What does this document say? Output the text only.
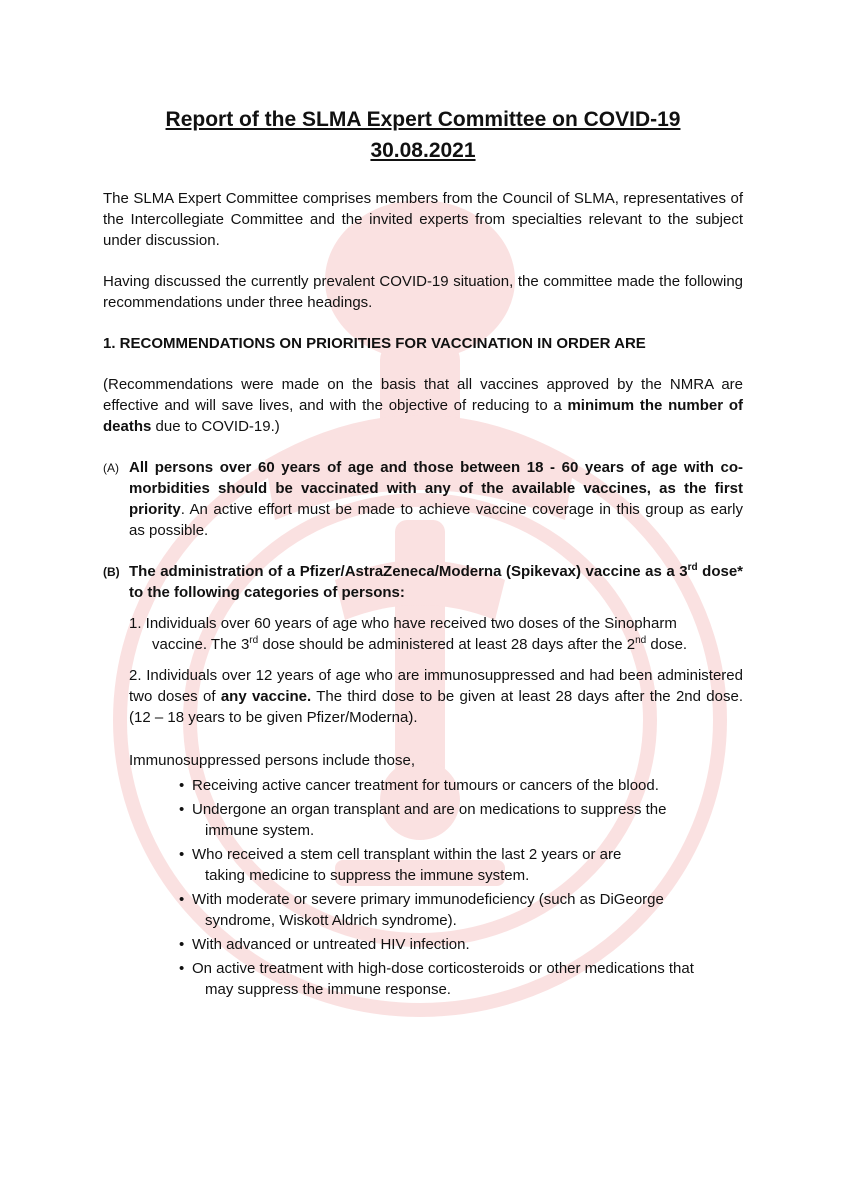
Report of the SLMA Expert Committee on COVID-19
30.08.2021

The SLMA Expert Committee comprises members from the Council of SLMA, representatives of the Intercollegiate Committee and the invited experts from specialties relevant to the subject under discussion.

Having discussed the currently prevalent COVID-19 situation, the committee made the following recommendations under three headings.

1. RECOMMENDATIONS ON PRIORITIES FOR VACCINATION IN ORDER ARE

(Recommendations were made on the basis that all vaccines approved by the NMRA are effective and will save lives, and with the objective of reducing to a minimum the number of deaths due to COVID-19.)

(A) All persons over 60 years of age and those between 18 - 60 years of age with co-morbidities should be vaccinated with any of the available vaccines, as the first priority. An active effort must be made to achieve vaccine coverage in this group as early as possible.
(B) The administration of a Pfizer/AstraZeneca/Moderna (Spikevax) vaccine as a 3rd dose* to the following categories of persons:
1. Individuals over 60 years of age who have received two doses of the Sinopharm
vaccine. The 3rd dose should be administered at least 28 days after the 2nd dose.
2. Individuals over 12 years of age who are immunosuppressed and had been administered two doses of any vaccine. The third dose to be given at least 28 days after the 2nd dose. (12 – 18 years to be given Pfizer/Moderna).
Immunosuppressed persons include those,
• Receiving active cancer treatment for tumours or cancers of the blood.
• Undergone an organ transplant and are on medications to suppress the
immune system.
• Who received a stem cell transplant within the last 2 years or are
taking medicine to suppress the immune system.
• With moderate or severe primary immunodeficiency (such as DiGeorge
syndrome, Wiskott Aldrich syndrome).
• With advanced or untreated HIV infection.
• On active treatment with high-dose corticosteroids or other medications that
may suppress the immune response.
